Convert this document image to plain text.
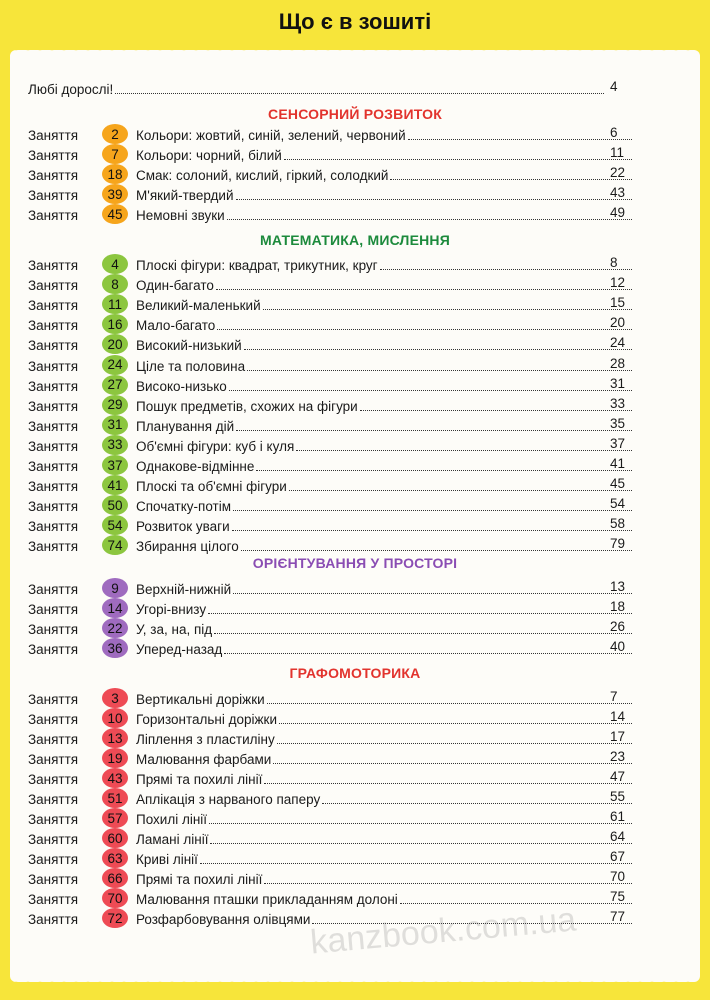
Що є в зошиті
Любі дорослі!	4
СЕНСОРНИЙ РОЗВИТОК
Заняття	2	Кольори: жовтий, синій, зелений, червоний	6
Заняття	7	Кольори: чорний, білий	11
Заняття	18 Смак: солоний, кислий, гіркий, солодкий	22
Заняття	39 М'який-твердий	43
Заняття	45 Немовні звуки	49
МАТЕМАТИКА, МИСЛЕННЯ
Заняття	4	Плоскі фігури: квадрат, трикутник, круг	8
Заняття	8	Один-багато	12
Заняття	11	Великий-маленький	15
Заняття	16 Мало-багато	20
Заняття	20 Високий-низький	24
Заняття	24 Ціле та половина	28
Заняття	27 Високо-низько	31
Заняття	29 Пошук предметів, схожих на фігури	33
Заняття	31 Планування дій	35
Заняття	33 Об'ємні фігури: куб і куля	37
Заняття	37 Однакове-відмінне	41
Заняття	41 Плоскі та об'ємні фігури	45
Заняття	50 Спочатку-потім	54
Заняття	54 Розвиток уваги	58
Заняття	74 Збирання цілого	79
ОРІЄНТУВАННЯ У ПРОСТОРІ
Заняття	9	Верхній-нижній	13
Заняття	14 Угорі-внизу	18
Заняття	22 У, за, на, під	26
Заняття	36 Уперед-назад	40
ГРАФОМОТОРИКА
Заняття	3	Вертикальні доріжки	7
Заняття	10 Горизонтальні доріжки	14
Заняття	13 Ліплення з пластиліну	17
Заняття	19 Малювання фарбами	23
Заняття	43 Прямі та похилі лінії	47
Заняття	51 Аплікація з нарваного паперу	55
Заняття	57 Похилі лінії	61
Заняття	60 Ламані лінії	64
Заняття	63 Криві лінії	67
Заняття	66 Прямі та похилі лінії	70
Заняття	70 Малювання пташки прикладанням долоні	75
Заняття	72 Розфарбовування олівцями	77
kanzbook.com.ua
